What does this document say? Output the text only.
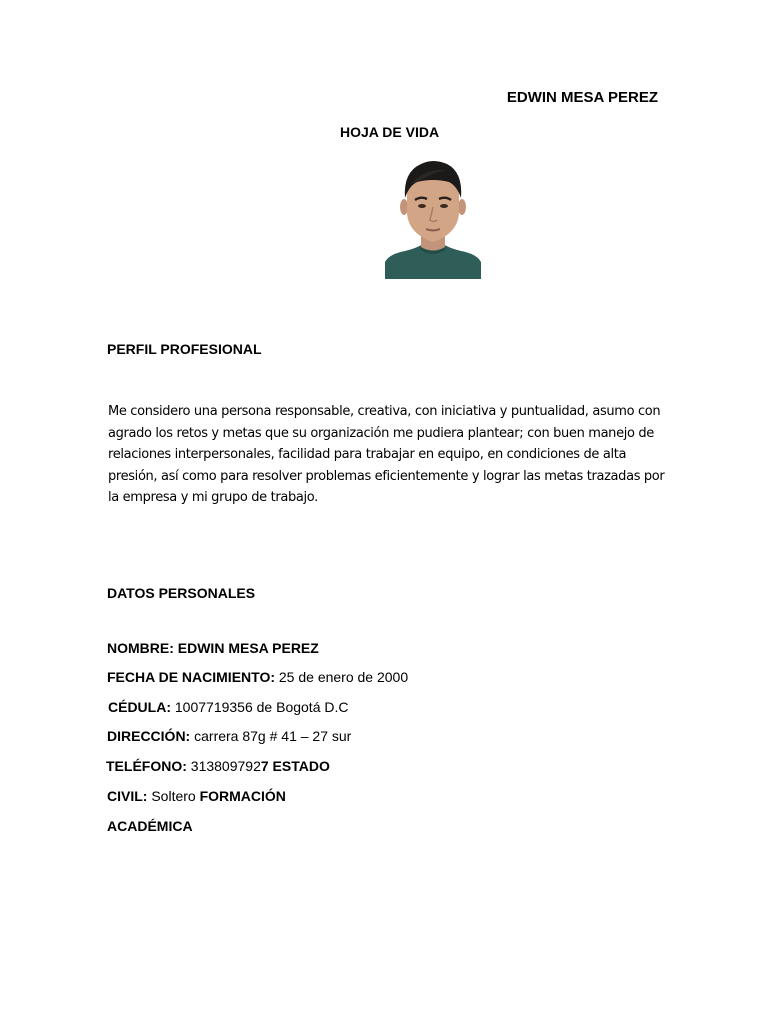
EDWIN MESA PEREZ
HOJA DE VIDA
PERFIL PROFESIONAL
Me considero una persona responsable, creativa, con iniciativa y puntualidad, asumo con
agrado los retos y metas que su organización me pudiera plantear; con buen manejo de
relaciones interpersonales, facilidad para trabajar en equipo, en condiciones de alta
presión, así como para resolver problemas eficientemente y lograr las metas trazadas por
la empresa y mi grupo de trabajo.
DATOS PERSONALES
NOMBRE: EDWIN MESA PEREZ
FECHA DE NACIMIENTO: 25 de enero de 2000
CÉDULA: 1007719356 de Bogotá D.C
DIRECCIÓN: carrera 87g # 41 – 27 sur
TELÉFONO: 3138097927 ESTADO
CIVIL: Soltero FORMACIÓN
ACADÉMICA
